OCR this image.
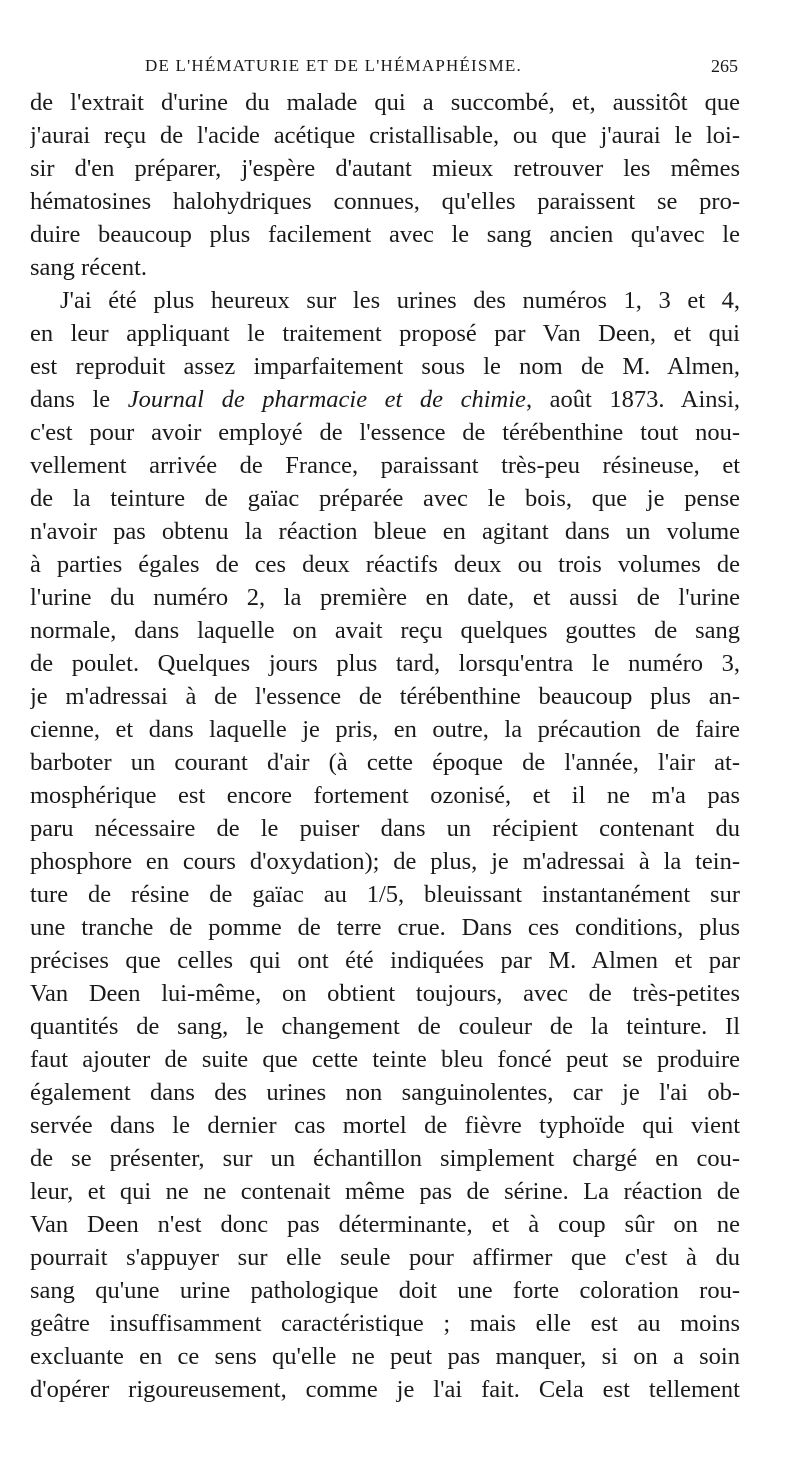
DE L'HÉMATURIE ET DE L'HÉMAPHÉISME.	265
de l'extrait d'urine du malade qui a succombé, et, aussitôt que
j'aurai reçu de l'acide acétique cristallisable, ou que j'aurai le loi-
sir d'en préparer, j'espère d'autant mieux retrouver les mêmes
hématosines halohydriques connues, qu'elles paraissent se pro-
duire beaucoup plus facilement avec le sang ancien qu'avec le
sang récent.
J'ai été plus heureux sur les urines des numéros 1, 3 et 4,
en leur appliquant le traitement proposé par Van Deen, et qui
est reproduit assez imparfaitement sous le nom de M. Almen,
dans le Journal de pharmacie et de chimie, août 1873. Ainsi,
c'est pour avoir employé de l'essence de térébenthine tout nou-
vellement arrivée de France, paraissant très-peu résineuse, et
de la teinture de gaïac préparée avec le bois, que je pense
n'avoir pas obtenu la réaction bleue en agitant dans un volume
à parties égales de ces deux réactifs deux ou trois volumes de
l'urine du numéro 2, la première en date, et aussi de l'urine
normale, dans laquelle on avait reçu quelques gouttes de sang
de poulet. Quelques jours plus tard, lorsqu'entra le numéro 3,
je m'adressai à de l'essence de térébenthine beaucoup plus an-
cienne, et dans laquelle je pris, en outre, la précaution de faire
barboter un courant d'air (à cette époque de l'année, l'air at-
mosphérique est encore fortement ozonisé, et il ne m'a pas
paru nécessaire de le puiser dans un récipient contenant du
phosphore en cours d'oxydation); de plus, je m'adressai à la tein-
ture de résine de gaïac au 1/5, bleuissant instantanément sur
une tranche de pomme de terre crue. Dans ces conditions, plus
précises que celles qui ont été indiquées par M. Almen et par
Van Deen lui-même, on obtient toujours, avec de très-petites
quantités de sang, le changement de couleur de la teinture. Il
faut ajouter de suite que cette teinte bleu foncé peut se produire
également dans des urines non sanguinolentes, car je l'ai ob-
servée dans le dernier cas mortel de fièvre typhoïde qui vient
de se présenter, sur un échantillon simplement chargé en cou-
leur, et qui ne ne contenait même pas de sérine. La réaction de
Van Deen n'est donc pas déterminante, et à coup sûr on ne
pourrait s'appuyer sur elle seule pour affirmer que c'est à du
sang qu'une urine pathologique doit une forte coloration rou-
geâtre insuffisamment caractéristique ; mais elle est au moins
excluante en ce sens qu'elle ne peut pas manquer, si on a soin
d'opérer rigoureusement, comme je l'ai fait. Cela est tellement
